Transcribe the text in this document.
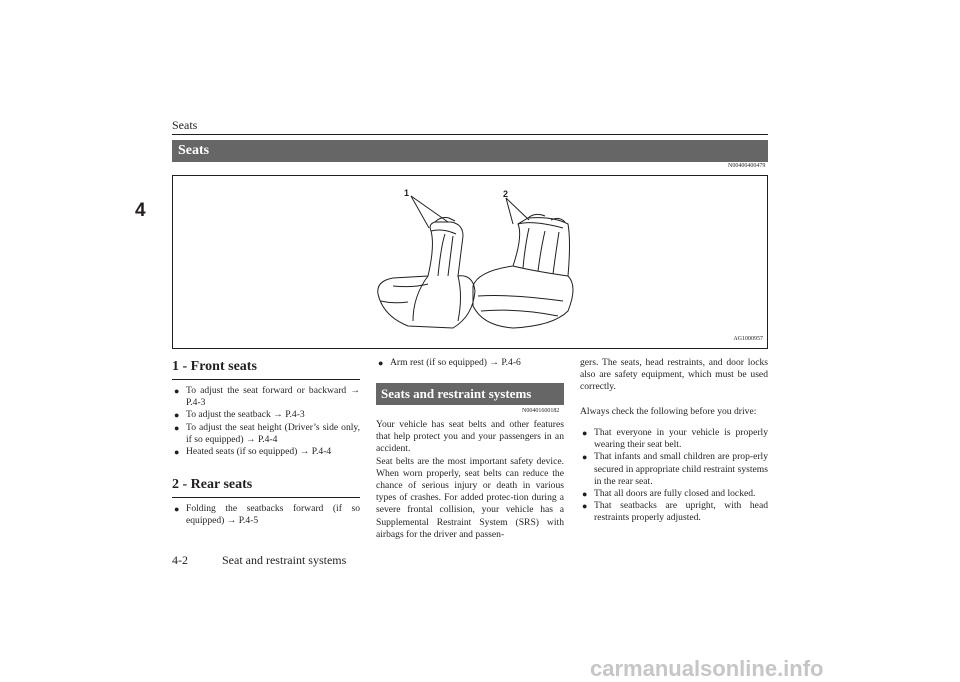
Seats
4
Seats
N00400400479
1	2
AG1000957
1 - Front seats

● To adjust the seat forward or backward → P.4-3

● To adjust the seatback → P.4-3

● To adjust the seat height (Driver’s side only, if so equipped) → P.4-4

● Heated seats (if so equipped) → P.4-4

2 - Rear seats

● Folding the seatbacks forward (if so equipped) → P.4-5

● Arm rest (if so equipped) → P.4-6

Seats and restraint systems
N00401600182
Your vehicle has seat belts and other features that help protect you and your passengers in an accident.
Seat belts are the most important safety device. When worn properly, seat belts can reduce the chance of serious injury or death in various types of crashes. For added protec-tion during a severe frontal collision, your vehicle has a Supplemental Restraint System (SRS) with airbags for the driver and passen-
gers. The seats, head restraints, and door locks also are safety equipment, which must be used correctly.
Always check the following before you drive:

● That everyone in your vehicle is properly wearing their seat belt.

● That infants and small children are prop-erly secured in appropriate child restraint systems in the rear seat.

● That all doors are fully closed and locked.

● That seatbacks are upright, with head restraints properly adjusted.

4-2	Seat and restraint systems
carmanualsonline.info
